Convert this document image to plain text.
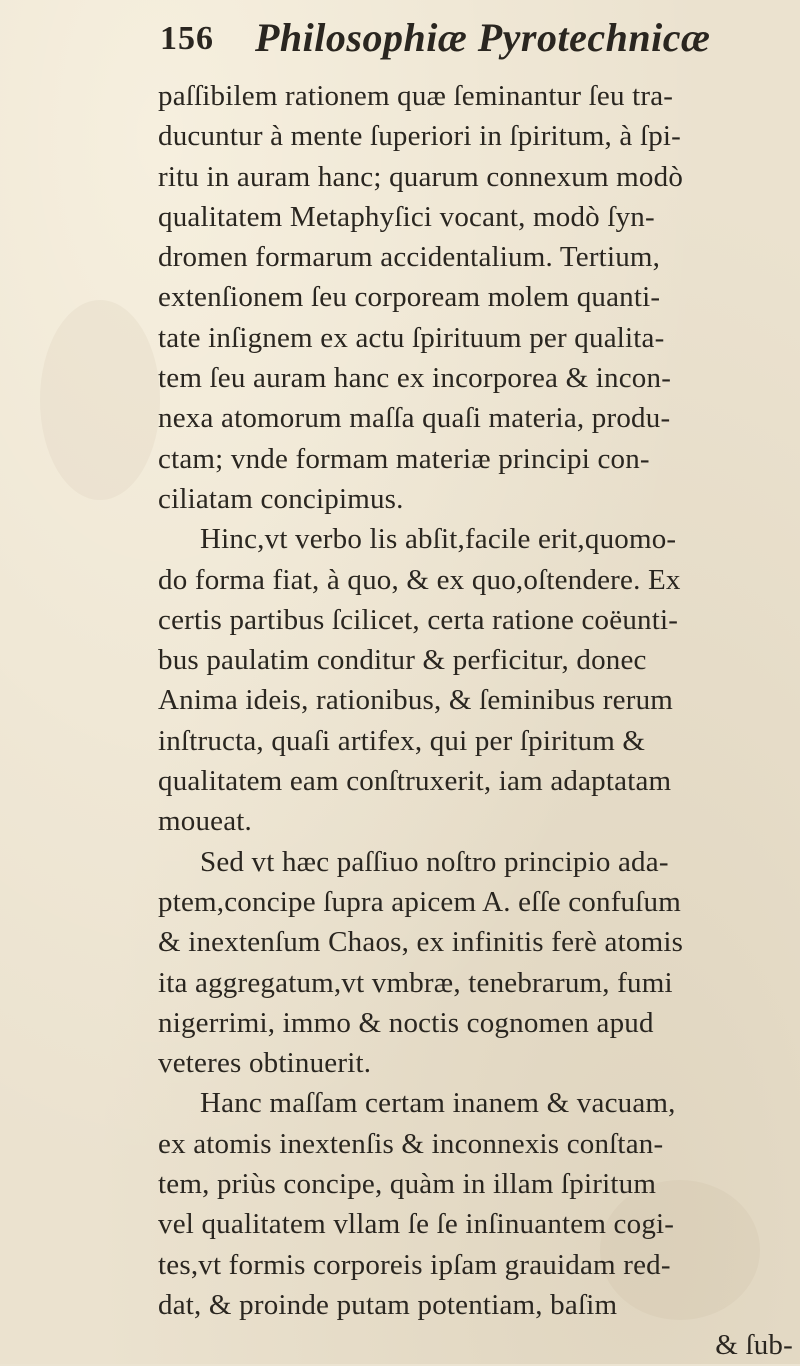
156 Philosophiæ Pyrotechnicæ
paſſibilem rationem quæ ſeminantur ſeu tra-
ducuntur à mente ſuperiori in ſpiritum, à ſpi-
ritu in auram hanc; quarum connexum modò
qualitatem Metaphyſici vocant, modò ſyn-
dromen formarum accidentalium. Tertium,
extenſionem ſeu corpoream molem quanti-
tate inſignem ex actu ſpirituum per qualita-
tem ſeu auram hanc ex incorporea & incon-
nexa atomorum maſſa quaſi materia, produ-
ctam; vnde formam materiæ principi con-
ciliatam concipimus.
Hinc,vt verbo lis abſit,facile erit,quomo-
do forma fiat, à quo, & ex quo,oſtendere. Ex
certis partibus ſcilicet, certa ratione coëunti-
bus paulatim conditur & perficitur, donec
Anima ideis, rationibus, & ſeminibus rerum
inſtructa, quaſi artifex, qui per ſpiritum &
qualitatem eam conſtruxerit, iam adaptatam
moueat.
Sed vt hæc paſſiuo noſtro principio ada-
ptem,concipe ſupra apicem A. eſſe confuſum
& inextenſum Chaos, ex infinitis ferè atomis
ita aggregatum,vt vmbræ, tenebrarum, fumi
nigerrimi, immo & noctis cognomen apud
veteres obtinuerit.
Hanc maſſam certam inanem & vacuam,
ex atomis inextenſis & inconnexis conſtan-
tem, priùs concipe, quàm in illam ſpiritum
vel qualitatem vllam ſe ſe inſinuantem cogi-
tes,vt formis corporeis ipſam grauidam red-
dat, & proinde putam potentiam, baſim
& ſub-
